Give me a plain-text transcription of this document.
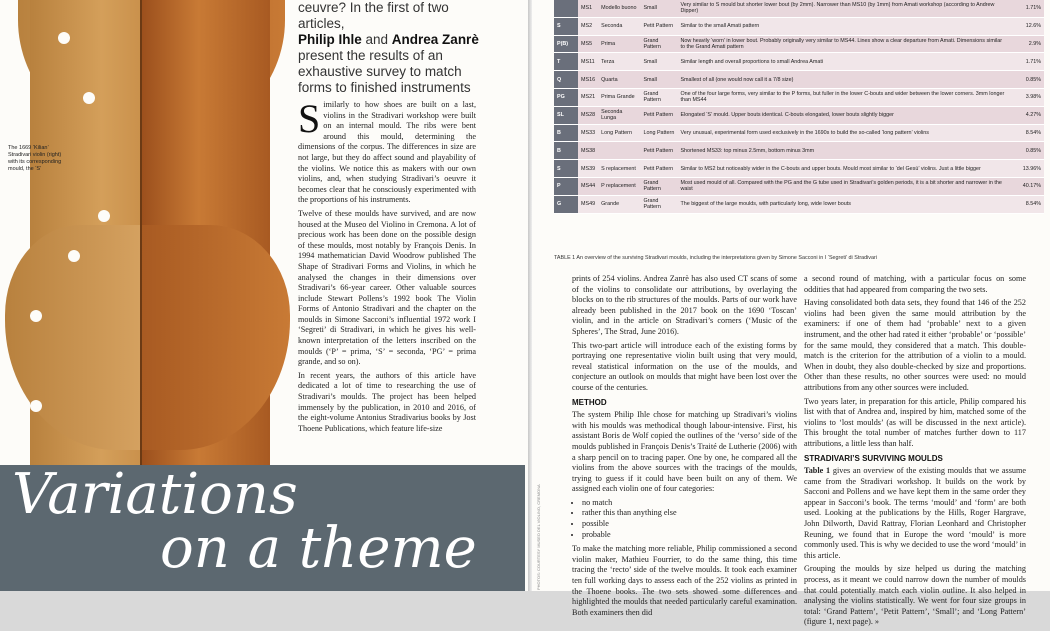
The 1669 ‘Kilian’ Stradivari violin (right) with its corresponding mould, the ‘S’
ceuvre? In the first of two articles,
Philip Ihle and Andrea Zanrè present the results of an exhaustive survey to match forms to finished instruments

Similarly to how shoes are built on a last, violins in the Stradivari workshop were built on an internal mould. The ribs were bent around this mould, determining the dimensions of the corpus. The differences in size are not large, but they do affect sound and playability of the violins. We notice this as makers with our own violins, and, when studying Stradivari’s oeuvre it becomes clear that he consciously experimented with the proportions of his instruments.

Twelve of these moulds have survived, and are now housed at the Museo del Violino in Cremona. A lot of precious work has been done on the possible design of these moulds, most notably by François Denis. In 1994 mathematician David Woodrow published The Shape of Stradivari Forms and Violins, in which he analysed the changes in their dimensions over Stradivari’s 66-year career. Other valuable sources include Stewart Pollens’s 1992 book The Violin Forms of Antonio Stradivari and the chapter on the moulds in Simone Sacconi’s influential 1972 work I ‘Segreti’ di Stradivari, in which he gives his well-known interpretation of the letters inscribed on the moulds (‘P’ = prima, ‘S’ = seconda, ‘PG’ = prima grande, and so on).

In recent years, the authors of this article have dedicated a lot of time to researching the use of Stradivari’s moulds. The project has been helped immensely by the publication, in 2010 and 2016, of the eight-volume Antonius Stradivarius books by Jost Thoene Publications, which feature life-size

Variations
on a theme
	MS1	Modello buono	Small	Very similar to S mould but shorter lower bout (by 2mm). Narrower than MS10 (by 1mm) from Amati workshop (according to Andrew Dipper)	1.71%
S	MS2	Seconda	Petit Pattern	Similar to the small Amati pattern	12.6%
P(B)	MS5	Prima	Grand Pattern	Now heavily ‘worn’ in lower bout. Probably originally very similar to MS44. Lines show a clear departure from Amati. Dimensions similar to the Grand Amati pattern	2.9%
T	MS11	Terza	Small	Similar length and overall proportions to small Andrea Amati	1.71%
Q	MS16	Quarta	Small	Smallest of all (one would now call it a 7/8 size)	0.85%
PG	MS21	Prima Grande	Grand Pattern	One of the four large forms, very similar to the P forms, but fuller in the lower C-bouts and wider between the lower corners. 3mm longer than MS44	3.98%
SL	MS28	Seconda Lunga	Petit Pattern	Elongated ‘S’ mould. Upper bouts identical. C-bouts elongated, lower bouts slightly bigger	4.27%
B	MS33	Long Pattern	Long Pattern	Very unusual, experimental form used exclusively in the 1690s to build the so-called ‘long pattern’ violins	8.54%
B	MS38		Petit Pattern	Shortened MS33: top minus 2.5mm, bottom minus 3mm	0.85%
S	MS39	S replacement	Petit Pattern	Similar to MS2 but noticeably wider in the C-bouts and upper bouts. Mould most similar to ‘del Gesù’ violins. Just a little bigger	13.96%
P	MS44	P replacement	Grand Pattern	Most used mould of all. Compared with the PG and the G tube used in Stradivari’s golden periods, it is a bit shorter and narrower in the waist	40.17%
G	MS49	Grande	Grand Pattern	The biggest of the large moulds, with particularly long, wide lower bouts	8.54%
TABLE 1 An overview of the surviving Stradivari moulds, including the interpretations given by Simone Sacconi in I ‘Segreti’ di Stradivari
PHOTOS: COURTESY MUSEO DEL VIOLINO, CREMONA

prints of 254 violins. Andrea Zanrè has also used CT scans of some of the violins to consolidate our attributions, by overlaying the blocks on to the rib structures of the moulds. Parts of our work have already been published in the 2017 book on the 1690 ‘Toscan’ violin, and in the article on Stradivari’s corners (‘Music of the Spheres’, The Strad, June 2016).

This two-part article will introduce each of the existing forms by portraying one representative violin built using that very mould, reveal statistical information on the use of the moulds, and conjecture an outlook on moulds that might have been lost over the course of the centuries.

METHOD

The system Philip Ihle chose for matching up Stradivari’s violins with his moulds was methodical though labour-intensive. First, his assistant Boris de Wolf copied the outlines of the ‘verso’ side of the moulds published in François Denis’s Traité de Lutherie (2006) with a sharp pencil on to tracing paper. One by one, he compared all the violins from the above sources with the tracings of the moulds, trying to guess if it could have been built on any of them. We assigned each violin one of four categories:

• no match
• rather this than anything else
• possible
• probable

To make the matching more reliable, Philip commissioned a second violin maker, Mathieu Fourrier, to do the same thing, this time tracing the ‘recto’ side of the twelve moulds. It took each examiner ten full working days to assess each of the 252 violins as printed in the Thoene books. The two sets showed some differences and highlighted the moulds that needed particularly careful examination. Both examiners then did

a second round of matching, with a particular focus on some oddities that had appeared from comparing the two sets.

Having consolidated both data sets, they found that 146 of the 252 violins had been given the same mould attribution by the examiners: if one of them had ‘probable’ next to a given instrument, and the other had rated it either ‘probable’ or ‘possible’ for the same mould, they considered that a match. This double-match is the criterion for the attribution of a violin to a mould. When in doubt, they also double-checked by size and proportions. Other than these results, no other sources were used: no mould attributions from any other sources were included.

Two years later, in preparation for this article, Philip compared his list with that of Andrea and, inspired by him, matched some of the violins to ‘lost moulds’ (as will be discussed in the next article). This brought the total number of matches further down to 117 attributions, a little less than half.

STRADIVARI’S SURVIVING MOULDS

Table 1 gives an overview of the existing moulds that we assume came from the Stradivari workshop. It builds on the work by Sacconi and Pollens and we have kept them in the same order they appear in Sacconi’s book. The terms ‘mould’ and ‘form’ are both used. Looking at the publications by the Hills, Roger Hargrave, John Dilworth, David Rattray, Florian Leonhard and Christopher Reuning, we found that in Europe the word ‘mould’ is more commonly used. This is why we decided to use the word ‘mould’ in this article.

Grouping the moulds by size helped us during the matching process, as it meant we could narrow down the number of moulds that could potentially match each violin outline. It also helped in analysing the violins statistically. We went for four size groups in total: ‘Grand Pattern’, ‘Petit Pattern’, ‘Small’; and ‘Long Pattern’ (figure 1, next page). »
